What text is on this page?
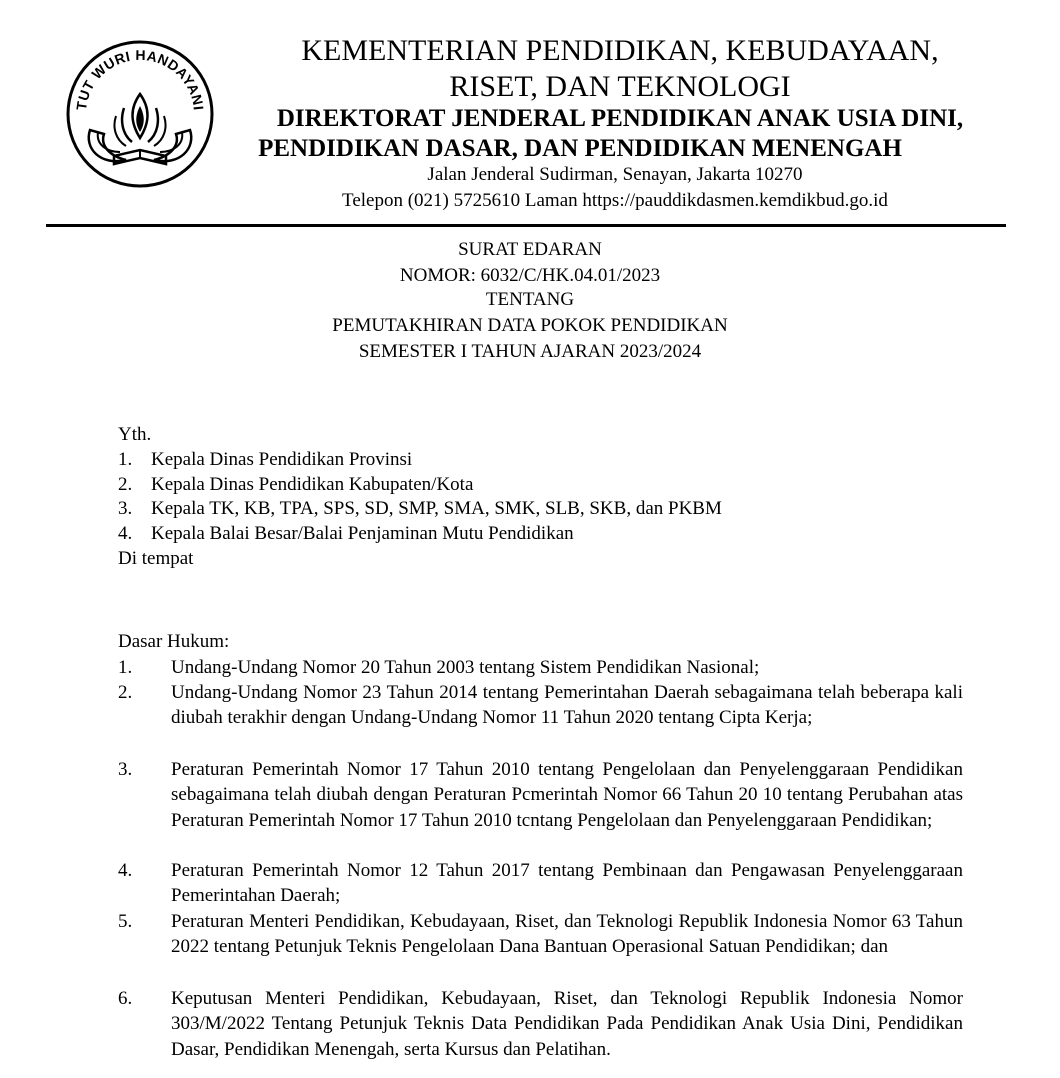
TUT WURI HANDAYANI
KEMENTERIAN PENDIDIKAN, KEBUDAYAAN,
RISET, DAN TEKNOLOGI
DIREKTORAT JENDERAL PENDIDIKAN ANAK USIA DINI,
PENDIDIKAN DASAR, DAN PENDIDIKAN MENENGAH
Jalan Jenderal Sudirman, Senayan, Jakarta 10270
Telepon (021) 5725610 Laman https://pauddikdasmen.kemdikbud.go.id
SURAT EDARAN
NOMOR: 6032/C/HK.04.01/2023
TENTANG
PEMUTAKHIRAN DATA POKOK PENDIDIKAN
SEMESTER I TAHUN AJARAN 2023/2024
Yth.
1. Kepala Dinas Pendidikan Provinsi
2. Kepala Dinas Pendidikan Kabupaten/Kota
3. Kepala TK, KB, TPA, SPS, SD, SMP, SMA, SMK, SLB, SKB, dan PKBM
4. Kepala Balai Besar/Balai Penjaminan Mutu Pendidikan
Di tempat
Dasar Hukum:
1. Undang-Undang Nomor 20 Tahun 2003 tentang Sistem Pendidikan Nasional;
2. Undang-Undang Nomor 23 Tahun 2014 tentang Pemerintahan Daerah sebagaimana telah beberapa kali diubah terakhir dengan Undang-Undang Nomor 11 Tahun 2020 tentang Cipta Kerja;
3. Peraturan Pemerintah Nomor 17 Tahun 2010 tentang Pengelolaan dan Penyelenggaraan Pendidikan sebagaimana telah diubah dengan Peraturan Pcmerintah Nomor 66 Tahun 20 10 tentang Perubahan atas Peraturan Pemerintah Nomor 17 Tahun 2010 tcntang Pengelolaan dan Penyelenggaraan Pendidikan;
4. Peraturan Pemerintah Nomor 12 Tahun 2017 tentang Pembinaan dan Pengawasan Penyelenggaraan Pemerintahan Daerah;
5. Peraturan Menteri Pendidikan, Kebudayaan, Riset, dan Teknologi Republik Indonesia Nomor 63 Tahun 2022 tentang Petunjuk Teknis Pengelolaan Dana Bantuan Operasional Satuan Pendidikan; dan
6. Keputusan Menteri Pendidikan, Kebudayaan, Riset, dan Teknologi Republik Indonesia Nomor 303/M/2022 Tentang Petunjuk Teknis Data Pendidikan Pada Pendidikan Anak Usia Dini, Pendidikan Dasar, Pendidikan Menengah, serta Kursus dan Pelatihan.
